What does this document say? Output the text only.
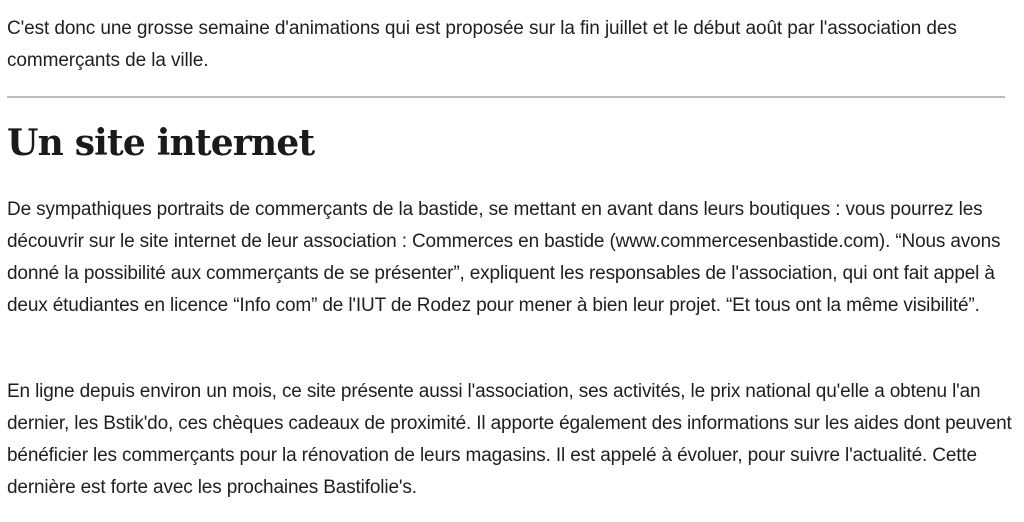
C'est donc une grosse semaine d'animations qui est proposée sur la fin juillet et le début août par l'association des commerçants de la ville.

Un site internet

De sympathiques portraits de commerçants de la bastide, se mettant en avant dans leurs boutiques : vous pourrez les découvrir sur le site internet de leur association : Commerces en bastide (www.commercesenbastide.com). “Nous avons donné la possibilité aux commerçants de se présenter”, expliquent les responsables de l'association, qui ont fait appel à deux étudiantes en licence “Info com” de l'IUT de Rodez pour mener à bien leur projet. “Et tous ont la même visibilité”.

En ligne depuis environ un mois, ce site présente aussi l'association, ses activités, le prix national qu'elle a obtenu l'an dernier, les Bstik'do, ces chèques cadeaux de proximité. Il apporte également des informations sur les aides dont peuvent bénéficier les commerçants pour la rénovation de leurs magasins. Il est appelé à évoluer, pour suivre l'actualité. Cette dernière est forte avec les prochaines Bastifolie's.
